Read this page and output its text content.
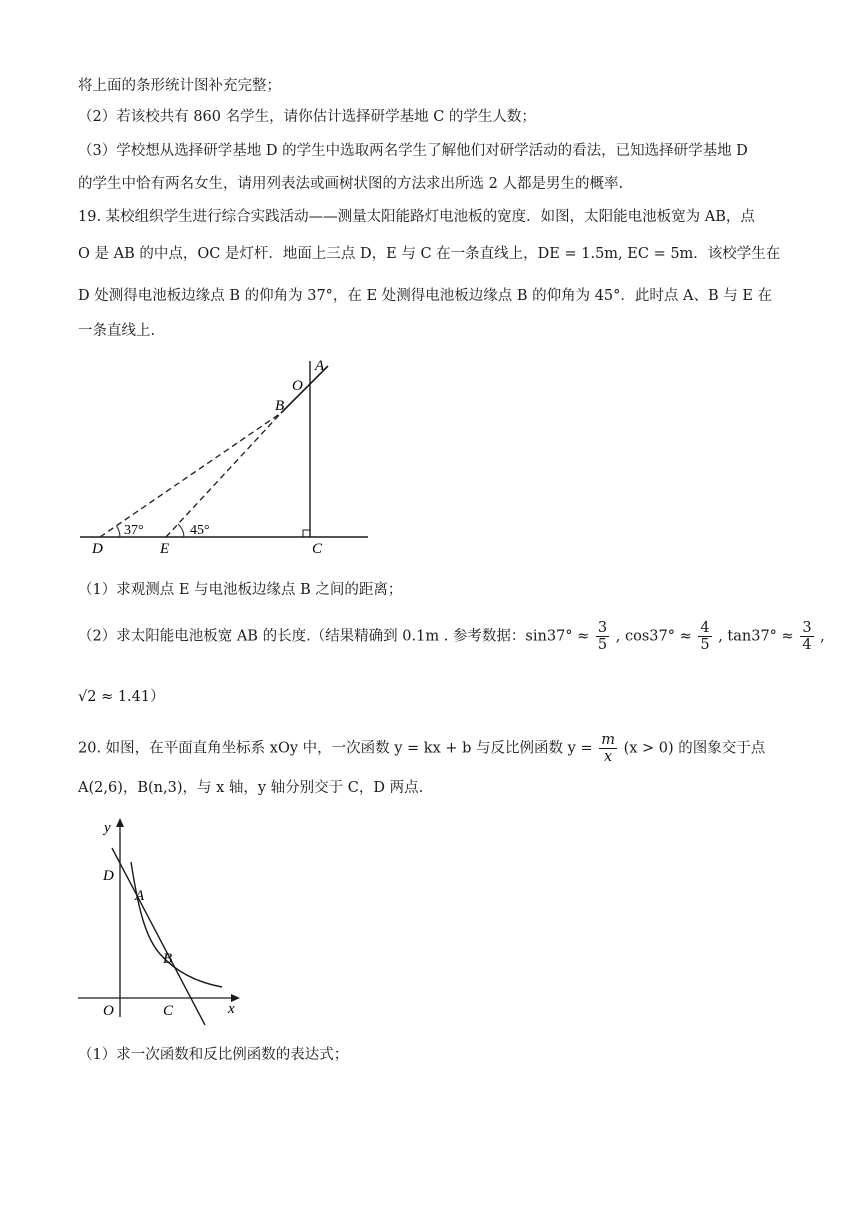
将上面的条形统计图补充完整；
（2）若该校共有 860 名学生，请你估计选择研学基地 C 的学生人数；
（3）学校想从选择研学基地 D 的学生中选取两名学生了解他们对研学活动的看法，已知选择研学基地 D
的学生中恰有两名女生，请用列表法或画树状图的方法求出所选 2 人都是男生的概率.
19. 某校组织学生进行综合实践活动——测量太阳能路灯电池板的宽度．如图，太阳能电池板宽为 AB，点
O 是 AB 的中点，OC 是灯杆．地面上三点 D，E 与 C 在一条直线上，DE = 1.5m, EC = 5m．该校学生在
D 处测得电池板边缘点 B 的仰角为 37°，在 E 处测得电池板边缘点 B 的仰角为 45°．此时点 A、B 与 E 在
一条直线上.
A
O
B
D	E	C
37°	45°
（1）求观测点 E 与电池板边缘点 B 之间的距离；
（2）求太阳能电池板宽 AB 的长度.（结果精确到 0.1m . 参考数据：$\sin 37^\circ \approx \frac{3}{5}$ , $\cos 37^\circ \approx \frac{4}{5}$ , $\tan 37^\circ \approx \frac{3}{4}$ ,
√2 ≈ 1.41）
20. 如图，在平面直角坐标系 xOy 中，一次函数 y = kx + b 与反比例函数 $y = \frac{m}{x} (x > 0)$ 的图象交于点
A(2,6)，B(n,3)，与 x 轴，y 轴分别交于 C，D 两点.
y
x
O
D
A
B
C
（1）求一次函数和反比例函数的表达式；
